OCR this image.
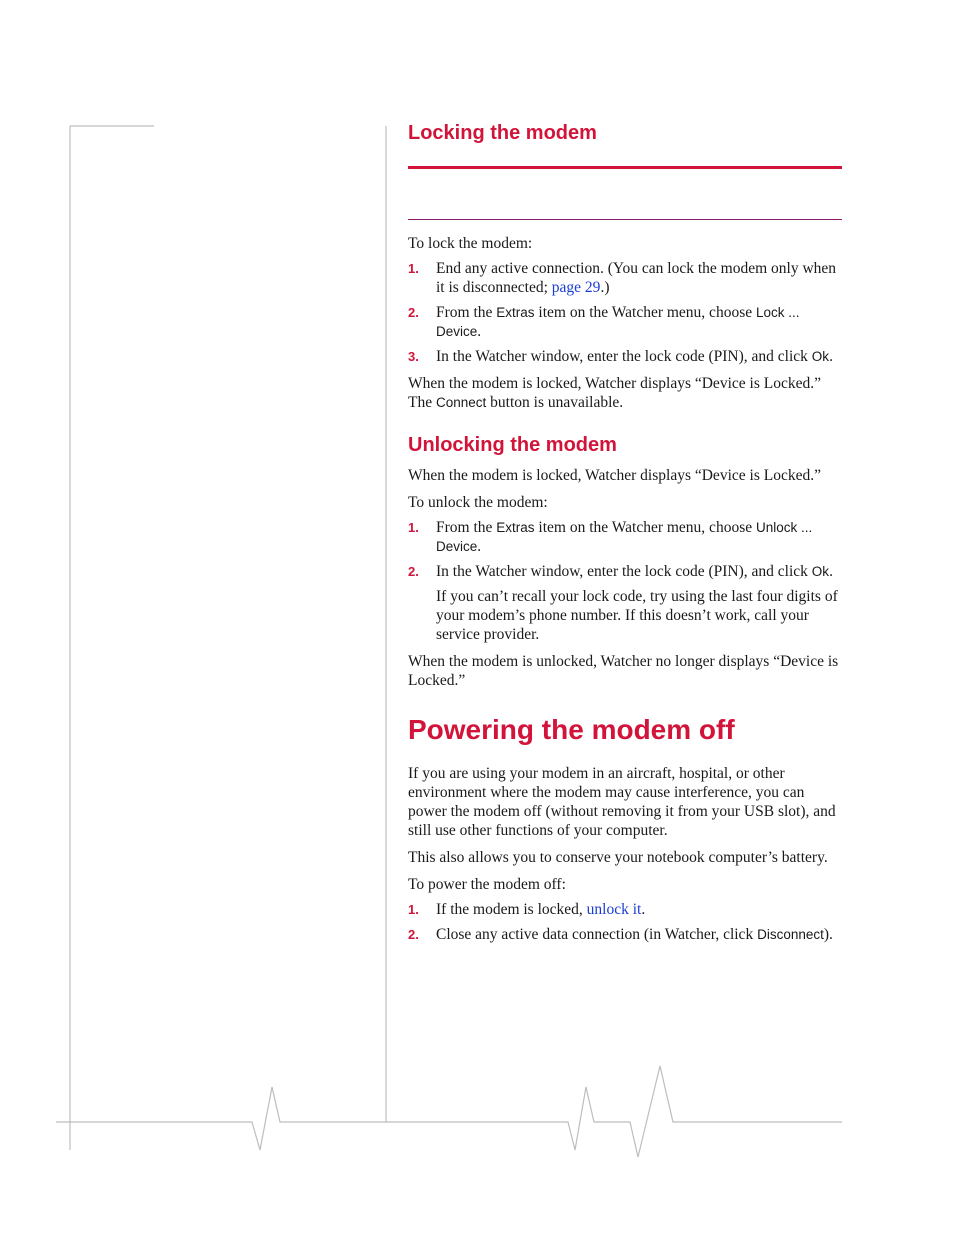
Locking the modem

To lock the modem:

1. End any active connection. (You can lock the modem only when it is disconnected; page 29.)
2. From the Extras item on the Watcher menu, choose Lock ... Device.
3. In the Watcher window, enter the lock code (PIN), and click Ok.

When the modem is locked, Watcher displays “Device is Locked.” The Connect button is unavailable.

Unlocking the modem

When the modem is locked, Watcher displays “Device is Locked.”

To unlock the modem:

1. From the Extras item on the Watcher menu, choose Unlock ... Device.
2. In the Watcher window, enter the lock code (PIN), and click Ok.

If you can’t recall your lock code, try using the last four digits of your modem’s phone number. If this doesn’t work, call your service provider.

When the modem is unlocked, Watcher no longer displays “Device is Locked.”

Powering the modem off

If you are using your modem in an aircraft, hospital, or other environment where the modem may cause interference, you can power the modem off (without removing it from your USB slot), and still use other functions of your computer.

This also allows you to conserve your notebook computer’s battery.

To power the modem off:

1. If the modem is locked, unlock it.
2. Close any active data connection (in Watcher, click Disconnect).
